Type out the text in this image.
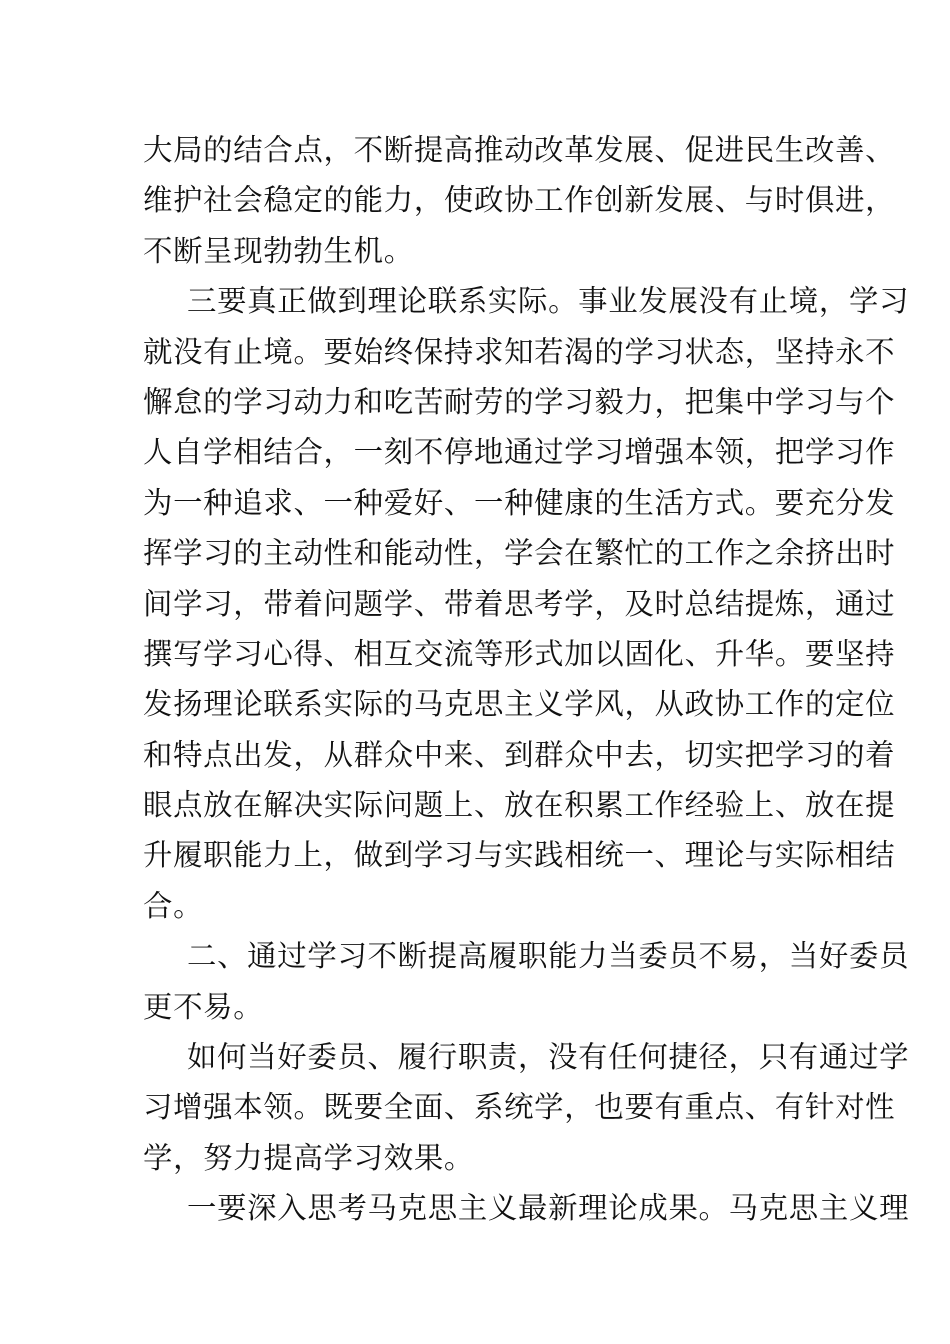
大局的结合点，不断提高推动改革发展、促进民生改善、
维护社会稳定的能力，使政协工作创新发展、与时俱进，
不断呈现勃勃生机。
三要真正做到理论联系实际。事业发展没有止境，学习
就没有止境。要始终保持求知若渴的学习状态，坚持永不
懈怠的学习动力和吃苦耐劳的学习毅力，把集中学习与个
人自学相结合，一刻不停地通过学习增强本领，把学习作
为一种追求、一种爱好、一种健康的生活方式。要充分发
挥学习的主动性和能动性，学会在繁忙的工作之余挤出时
间学习，带着问题学、带着思考学，及时总结提炼，通过
撰写学习心得、相互交流等形式加以固化、升华。要坚持
发扬理论联系实际的马克思主义学风，从政协工作的定位
和特点出发，从群众中来、到群众中去，切实把学习的着
眼点放在解决实际问题上、放在积累工作经验上、放在提
升履职能力上，做到学习与实践相统一、理论与实际相结
合。
二、通过学习不断提高履职能力当委员不易，当好委员
更不易。
如何当好委员、履行职责，没有任何捷径，只有通过学
习增强本领。既要全面、系统学，也要有重点、有针对性
学，努力提高学习效果。
一要深入思考马克思主义最新理论成果。马克思主义理
